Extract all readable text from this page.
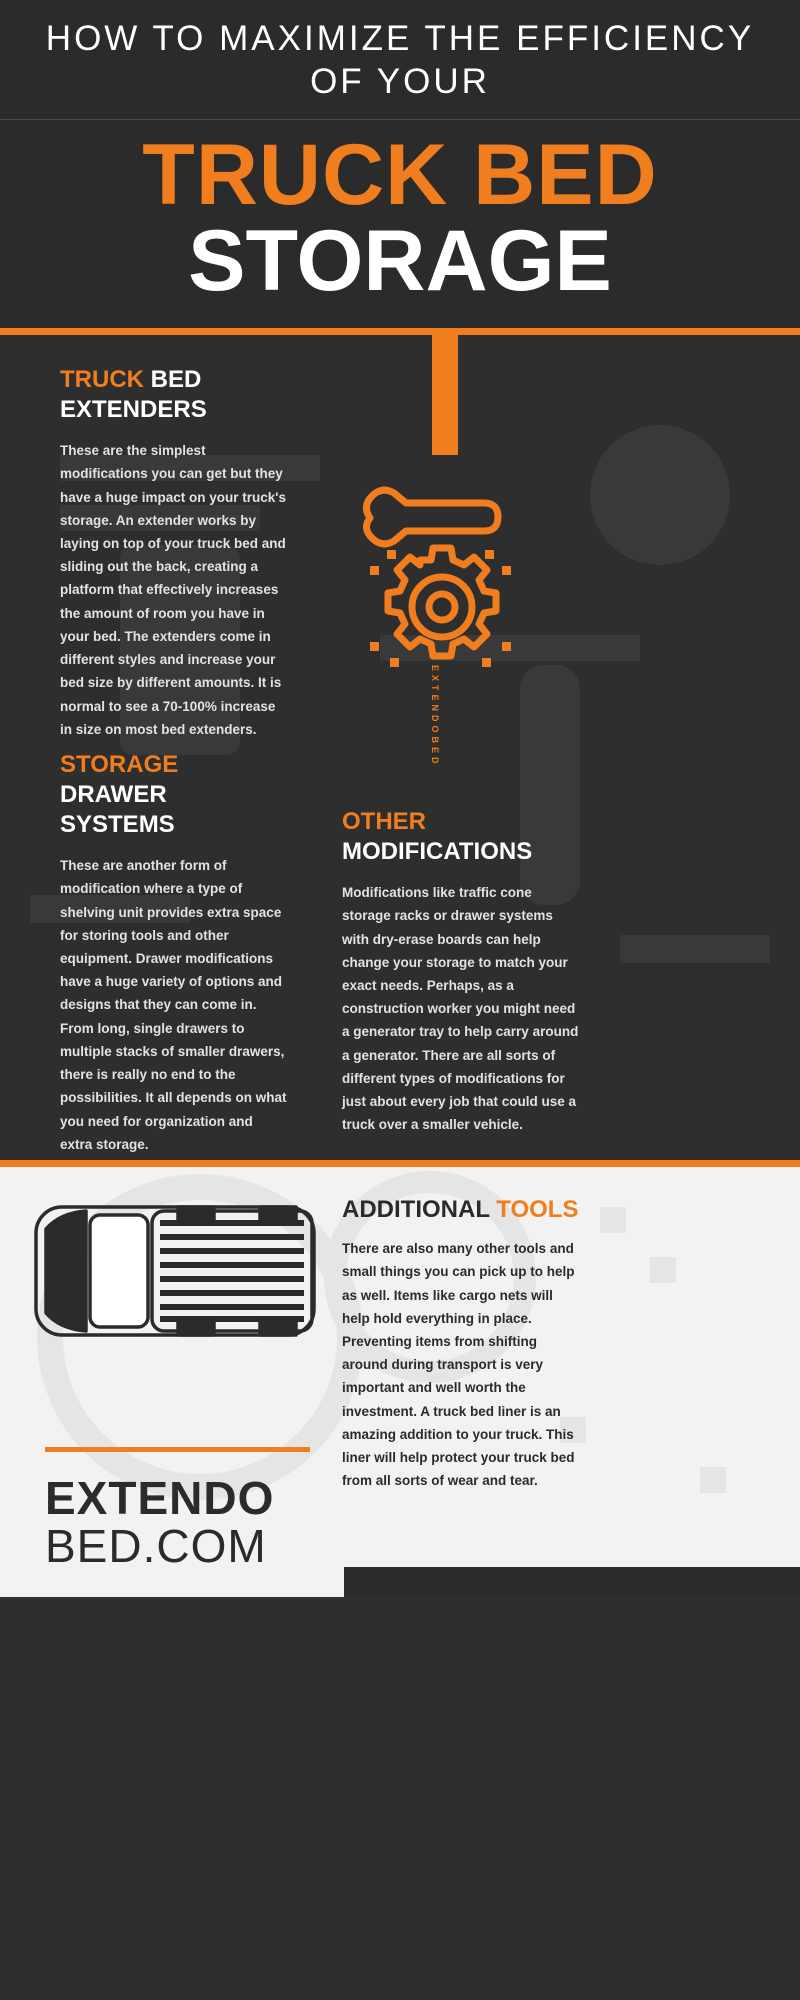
HOW TO MAXIMIZE THE EFFICIENCY OF YOUR
TRUCK BED
STORAGE
EXTENDOBED
TRUCK BED EXTENDERS

These are the simplest modifications you can get but they have a huge impact on your truck's storage. An extender works by laying on top of your truck bed and sliding out the back, creating a platform that effectively increases the amount of room you have in your bed. The extenders come in different styles and increase your bed size by different amounts. It is normal to see a 70-100% increase in size on most bed extenders.

STORAGE DRAWER SYSTEMS

These are another form of modification where a type of shelving unit provides extra space for storing tools and other equipment. Drawer modifications have a huge variety of options and designs that they can come in. From long, single drawers to multiple stacks of smaller drawers, there is really no end to the possibilities. It all depends on what you need for organization and extra storage.

OTHER MODIFICATIONS

Modifications like traffic cone storage racks or drawer systems with dry-erase boards can help change your storage to match your exact needs. Perhaps, as a construction worker you might need a generator tray to help carry around a generator. There are all sorts of different types of modifications for just about every job that could use a truck over a smaller vehicle.

ADDITIONAL TOOLS

There are also many other tools and small things you can pick up to help as well. Items like cargo nets will help hold everything in place. Preventing items from shifting around during transport is very important and well worth the investment. A truck bed liner is an amazing addition to your truck. This liner will help protect your truck bed from all sorts of wear and tear.

EXTENDO
BED.COM
